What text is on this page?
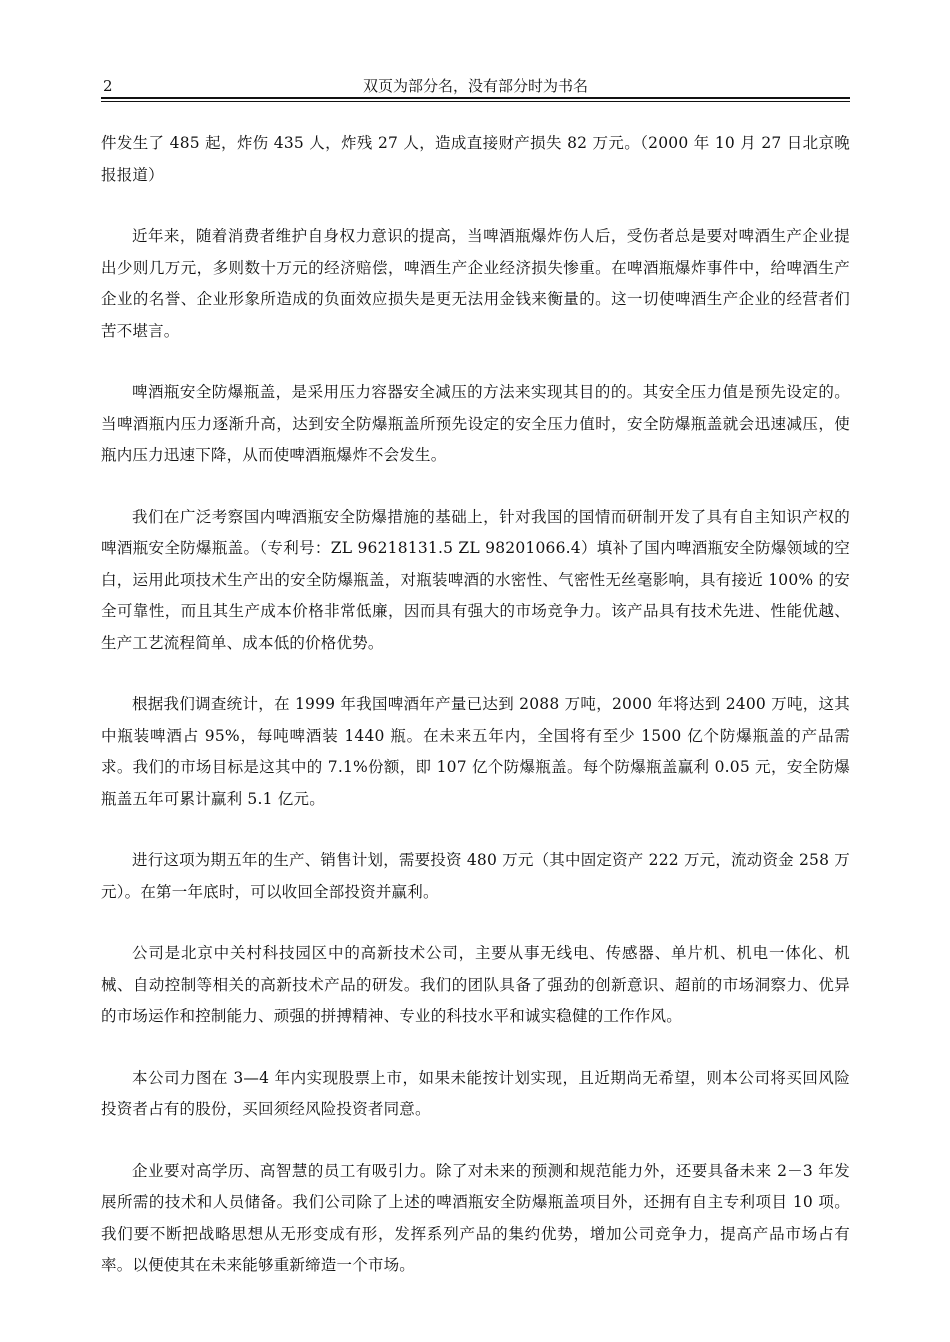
2	双页为部分名，没有部分时为书名

件发生了 485 起，炸伤 435 人，炸残 27 人，造成直接财产损失 82 万元。（2000 年 10 月 27 日北京晚报报道）

近年来，随着消费者维护自身权力意识的提高，当啤酒瓶爆炸伤人后，受伤者总是要对啤酒生产企业提出少则几万元，多则数十万元的经济赔偿，啤酒生产企业经济损失惨重。在啤酒瓶爆炸事件中，给啤酒生产企业的名誉、企业形象所造成的负面效应损失是更无法用金钱来衡量的。这一切使啤酒生产企业的经营者们苦不堪言。

啤酒瓶安全防爆瓶盖，是采用压力容器安全减压的方法来实现其目的的。其安全压力值是预先设定的。当啤酒瓶内压力逐渐升高，达到安全防爆瓶盖所预先设定的安全压力值时，安全防爆瓶盖就会迅速减压，使瓶内压力迅速下降，从而使啤酒瓶爆炸不会发生。

我们在广泛考察国内啤酒瓶安全防爆措施的基础上，针对我国的国情而研制开发了具有自主知识产权的啤酒瓶安全防爆瓶盖。（专利号：ZL 96218131.5 ZL 98201066.4）填补了国内啤酒瓶安全防爆领域的空白，运用此项技术生产出的安全防爆瓶盖，对瓶装啤酒的水密性、气密性无丝毫影响，具有接近 100% 的安全可靠性，而且其生产成本价格非常低廉，因而具有强大的市场竞争力。该产品具有技术先进、性能优越、生产工艺流程简单、成本低的价格优势。

根据我们调查统计，在 1999 年我国啤酒年产量已达到 2088 万吨，2000 年将达到 2400 万吨，这其中瓶装啤酒占 95%，每吨啤酒装 1440 瓶。在未来五年内，全国将有至少 1500 亿个防爆瓶盖的产品需求。我们的市场目标是这其中的 7.1%份额，即 107 亿个防爆瓶盖。每个防爆瓶盖赢利 0.05 元，安全防爆瓶盖五年可累计赢利 5.1 亿元。

进行这项为期五年的生产、销售计划，需要投资 480 万元（其中固定资产 222 万元，流动资金 258 万元）。在第一年底时，可以收回全部投资并赢利。

公司是北京中关村科技园区中的高新技术公司，主要从事无线电、传感器、单片机、机电一体化、机械、自动控制等相关的高新技术产品的研发。我们的团队具备了强劲的创新意识、超前的市场洞察力、优异的市场运作和控制能力、顽强的拼搏精神、专业的科技水平和诚实稳健的工作作风。

本公司力图在 3—4 年内实现股票上市，如果未能按计划实现，且近期尚无希望，则本公司将买回风险投资者占有的股份，买回须经风险投资者同意。

企业要对高学历、高智慧的员工有吸引力。除了对未来的预测和规范能力外，还要具备未来 2－3 年发展所需的技术和人员储备。我们公司除了上述的啤酒瓶安全防爆瓶盖项目外，还拥有自主专利项目 10 项。我们要不断把战略思想从无形变成有形，发挥系列产品的集约优势，增加公司竞争力，提高产品市场占有率。以便使其在未来能够重新缔造一个市场。
